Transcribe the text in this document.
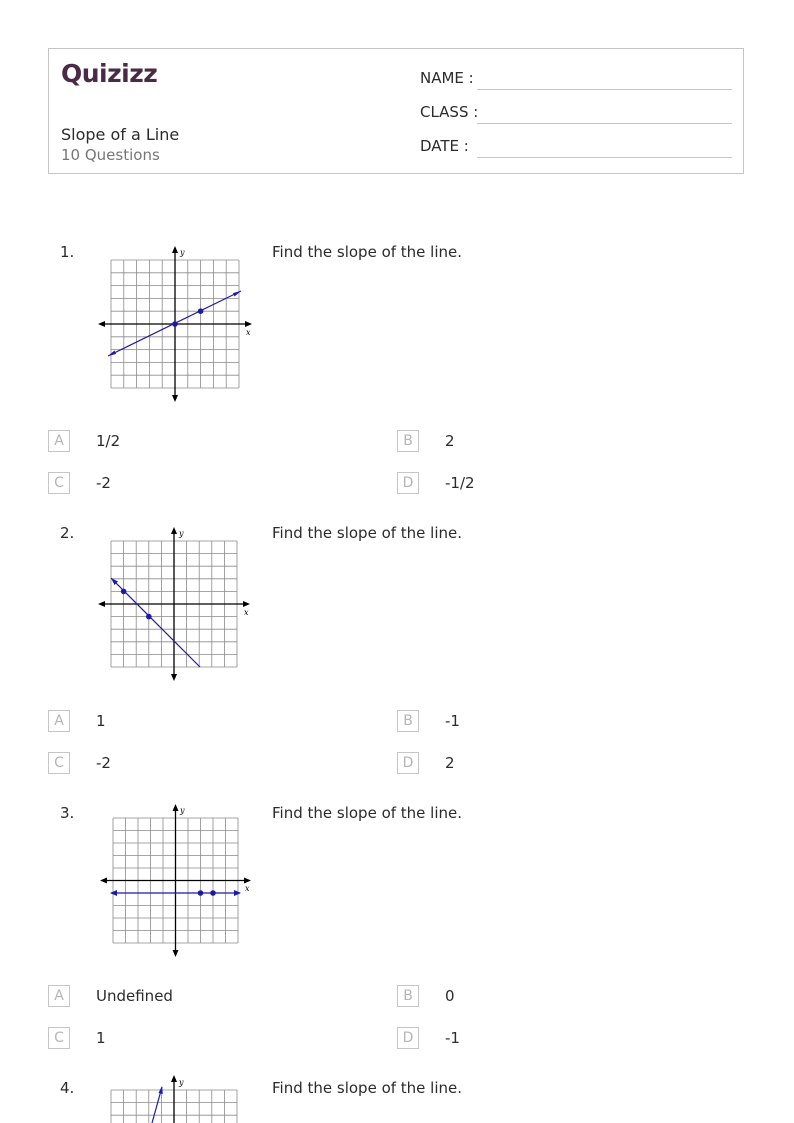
Quizizz
Slope of a Line
10 Questions
NAME :
CLASS :
DATE :
1.	Find the slope of the line.
x
y
A	1/2	B	2
C	-2	D	-1/2
2.	Find the slope of the line.
x
y
A	1	B	-1
C	-2	D	2
3.	Find the slope of the line.
x
y
A	Undefined	B	0
C	1	D	-1
4.	Find the slope of the line.
y
